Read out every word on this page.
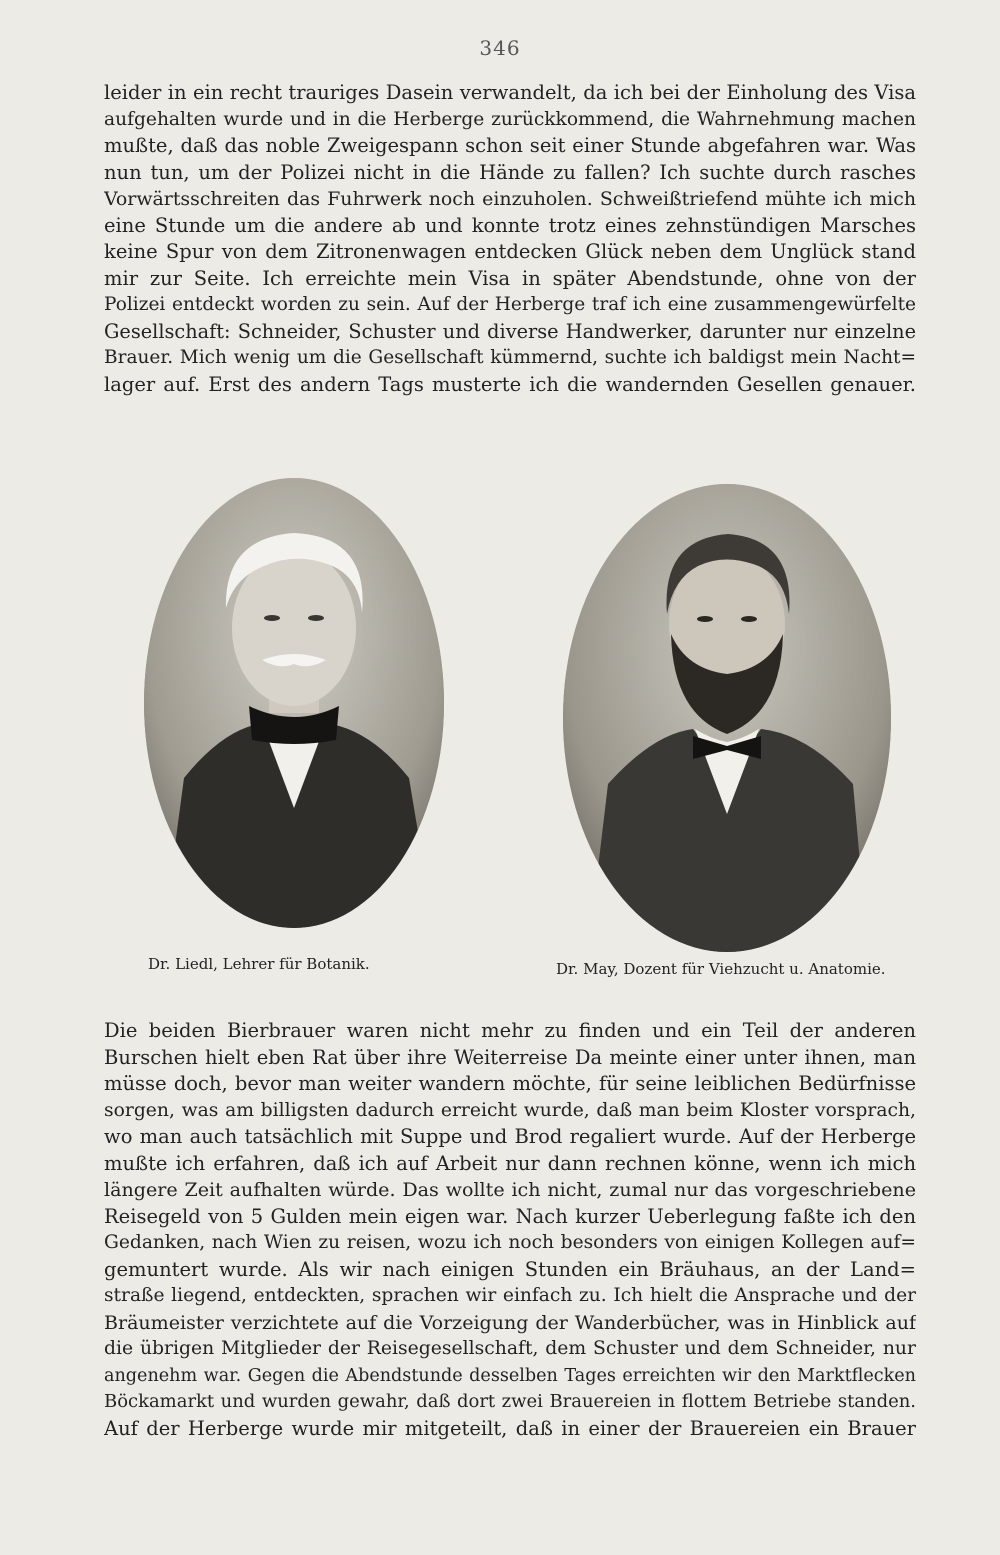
346
leider in ein recht trauriges Dasein verwandelt, da ich bei der Einholung des Visa
aufgehalten wurde und in die Herberge zurückkommend, die Wahrnehmung machen
mußte, daß das noble Zweigespann schon seit einer Stunde abgefahren war. Was
nun tun, um der Polizei nicht in die Hände zu fallen? Ich suchte durch rasches
Vorwärtsschreiten das Fuhrwerk noch einzuholen. Schweißtriefend mühte ich mich
eine Stunde um die andere ab und konnte trotz eines zehnstündigen Marsches
keine Spur von dem Zitronenwagen entdecken Glück neben dem Unglück stand
mir zur Seite. Ich erreichte mein Visa in später Abendstunde, ohne von der
Polizei entdeckt worden zu sein. Auf der Herberge traf ich eine zusammengewürfelte
Gesellschaft: Schneider, Schuster und diverse Handwerker, darunter nur einzelne
Brauer. Mich wenig um die Gesellschaft kümmernd, suchte ich baldigst mein Nacht=
lager auf. Erst des andern Tags musterte ich die wandernden Gesellen genauer.
Dr. Liedl, Lehrer für Botanik.	Dr. May, Dozent für Viehzucht u. Anatomie.
Die beiden Bierbrauer waren nicht mehr zu finden und ein Teil der anderen
Burschen hielt eben Rat über ihre Weiterreise Da meinte einer unter ihnen, man
müsse doch, bevor man weiter wandern möchte, für seine leiblichen Bedürfnisse
sorgen, was am billigsten dadurch erreicht wurde, daß man beim Kloster vorsprach,
wo man auch tatsächlich mit Suppe und Brod regaliert wurde. Auf der Herberge
mußte ich erfahren, daß ich auf Arbeit nur dann rechnen könne, wenn ich mich
längere Zeit aufhalten würde. Das wollte ich nicht, zumal nur das vorgeschriebene
Reisegeld von 5 Gulden mein eigen war. Nach kurzer Ueberlegung faßte ich den
Gedanken, nach Wien zu reisen, wozu ich noch besonders von einigen Kollegen auf=
gemuntert wurde. Als wir nach einigen Stunden ein Bräuhaus, an der Land=
straße liegend, entdeckten, sprachen wir einfach zu. Ich hielt die Ansprache und der
Bräumeister verzichtete auf die Vorzeigung der Wanderbücher, was in Hinblick auf
die übrigen Mitglieder der Reisegesellschaft, dem Schuster und dem Schneider, nur
angenehm war. Gegen die Abendstunde desselben Tages erreichten wir den Marktflecken
Böckamarkt und wurden gewahr, daß dort zwei Brauereien in flottem Betriebe standen.
Auf der Herberge wurde mir mitgeteilt, daß in einer der Brauereien ein Brauer
